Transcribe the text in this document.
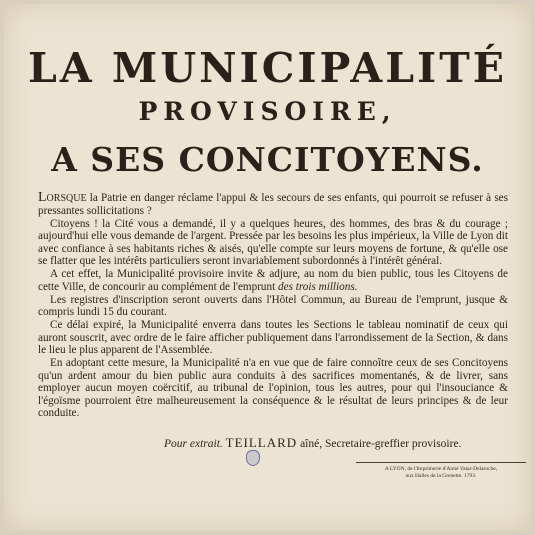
LA MUNICIPALITÉ
PROVISOIRE,
A SES CONCITOYENS.

Lorsque la Patrie en danger réclame l'appui & les secours de ses enfants, qui pourroit se refuser à ses pressantes sollicitations ?

Citoyens ! la Cité vous a demandé, il y a quelques heures, des hommes, des bras & du courage ; aujourd'hui elle vous demande de l'argent. Pressée par les besoins les plus impérieux, la Ville de Lyon dit avec confiance à ses habitants riches & aisés, qu'elle compte sur leurs moyens de fortune, & qu'elle ose se flatter que les intérêts particuliers seront invariablement subordonnés à l'intérêt général.

A cet effet, la Municipalité provisoire invite & adjure, au nom du bien public, tous les Citoyens de cette Ville, de concourir au complément de l'emprunt des trois millions.

Les registres d'inscription seront ouverts dans l'Hôtel Commun, au Bureau de l'emprunt, jusque & compris lundi 15 du courant.

Ce délai expiré, la Municipalité enverra dans toutes les Sections le tableau nominatif de ceux qui auront souscrit, avec ordre de le faire afficher publiquement dans l'arrondissement de la Section, & dans le lieu le plus apparent de l'Assemblée.

En adoptant cette mesure, la Municipalité n'a en vue que de faire connoître ceux de ses Concitoyens qu'un ardent amour du bien public aura conduits à des sacrifices momentanés, & de livrer, sans employer aucun moyen coërcitif, au tribunal de l'opinion, tous les autres, pour qui l'insouciance & l'égoïsme pourroient être malheureusement la conséquence & le résultat de leurs principes & de leur conduite.

Pour extrait. TEILLARD aîné, Secretaire-greffier provisoire.
A LYON, de l'Imprimerie d'Aimé Vatar-Delaroche,
aux Halles de la Grenette. 1793.
